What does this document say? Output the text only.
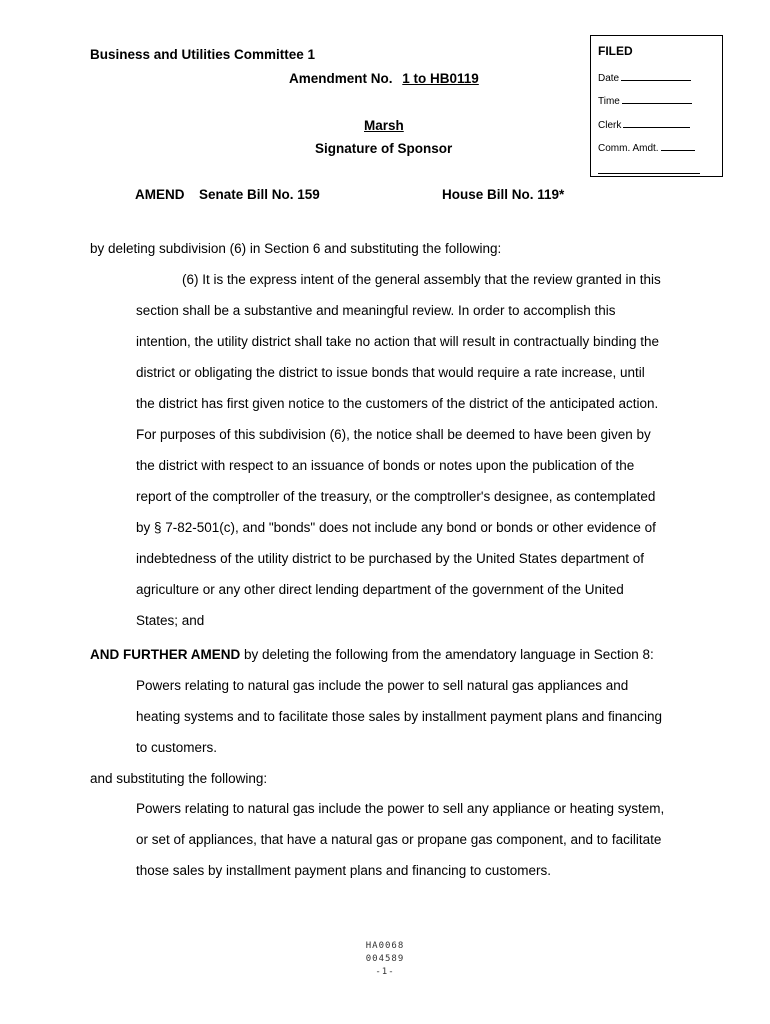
Business and Utilities Committee 1
Amendment No. 1 to HB0119
Marsh
Signature of Sponsor
AMEND Senate Bill No. 159	House Bill No. 119*
FILED
Date
Time
Clerk
Comm. Amdt.
by deleting subdivision (6) in Section 6 and substituting the following:
(6) It is the express intent of the general assembly that the review granted in this
section shall be a substantive and meaningful review. In order to accomplish this
intention, the utility district shall take no action that will result in contractually binding the
district or obligating the district to issue bonds that would require a rate increase, until
the district has first given notice to the customers of the district of the anticipated action.
For purposes of this subdivision (6), the notice shall be deemed to have been given by
the district with respect to an issuance of bonds or notes upon the publication of the
report of the comptroller of the treasury, or the comptroller's designee, as contemplated
by § 7-82-501(c), and "bonds" does not include any bond or bonds or other evidence of
indebtedness of the utility district to be purchased by the United States department of
agriculture or any other direct lending department of the government of the United
States; and
AND FURTHER AMEND by deleting the following from the amendatory language in Section 8:
Powers relating to natural gas include the power to sell natural gas appliances and
heating systems and to facilitate those sales by installment payment plans and financing
to customers.
and substituting the following:
Powers relating to natural gas include the power to sell any appliance or heating system,
or set of appliances, that have a natural gas or propane gas component, and to facilitate
those sales by installment payment plans and financing to customers.
HA0068
004589
-1-
